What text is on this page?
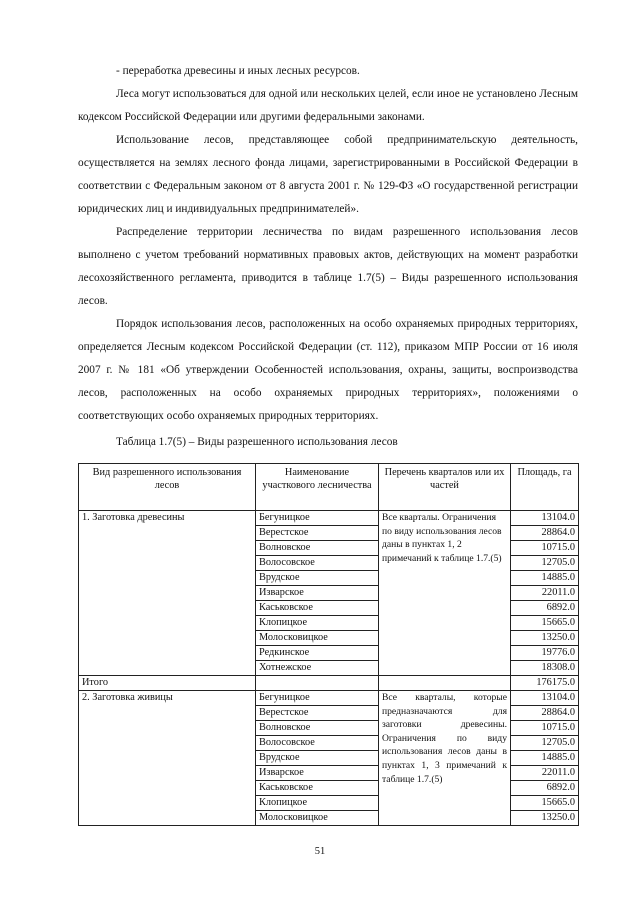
- переработка древесины и иных лесных ресурсов.

Леса могут использоваться для одной или нескольких целей, если иное не установлено Лесным кодексом Российской Федерации или другими федеральными законами.

Использование лесов, представляющее собой предпринимательскую деятельность, осуществляется на землях лесного фонда лицами, зарегистрированными в Российской Федерации в соответствии с Федеральным законом от 8 августа 2001 г. № 129-ФЗ «О государственной регистрации юридических лиц и индивидуальных предпринимателей».

Распределение территории лесничества по видам разрешенного использования лесов выполнено с учетом требований нормативных правовых актов, действующих на момент разработки лесохозяйственного регламента, приводится в таблице 1.7(5) – Виды разрешенного использования лесов.

Порядок использования лесов, расположенных на особо охраняемых природных территориях, определяется Лесным кодексом Российской Федерации (ст. 112), приказом МПР России от 16 июля 2007 г. № 181 «Об утверждении Особенностей использования, охраны, защиты, воспроизводства лесов, расположенных на особо охраняемых природных территориях», положениями о соответствующих особо охраняемых природных территориях.

Таблица 1.7(5) – Виды разрешенного использования лесов
Вид разрешенного использования лесов	Наименование участкового лесничества	Перечень кварталов или их частей	Площадь, га
1. Заготовка древесины	Бегуницкое	Все кварталы. Ограничения по виду использования лесов даны в пунктах 1, 2 примечаний к таблице 1.7.(5)	13104.0
	Верестское		28864.0
	Волновское		10715.0
	Волосовское		12705.0
	Врудское		14885.0
	Изварское		22011.0
	Каськовское		6892.0
	Клопицкое		15665.0
	Молосковицкое		13250.0
	Редкинское		19776.0
	Хотнежское		18308.0
Итого			176175.0
2. Заготовка живицы	Бегуницкое	Все кварталы, которые предназначаются для заготовки древесины. Ограничения по виду использования лесов даны в пунктах 1, 3 примечаний к таблице 1.7.(5)	13104.0
	Верестское		28864.0
	Волновское		10715.0
	Волосовское		12705.0
	Врудское		14885.0
	Изварское		22011.0
	Каськовское		6892.0
	Клопицкое		15665.0
	Молосковицкое		13250.0
51
